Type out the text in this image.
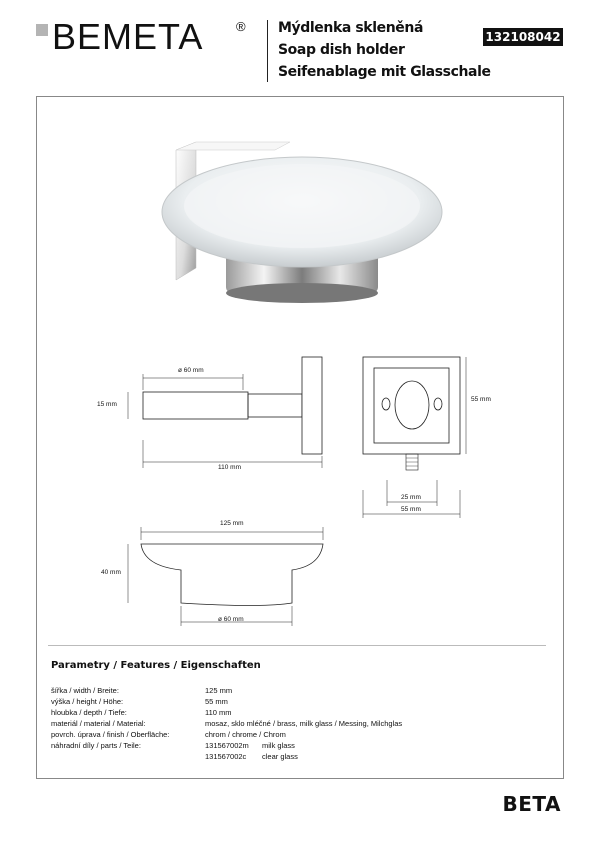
BEMETA	® Mýdlenka skleněná
Soap dish holder
Seifenablage mit Glasschale
132108042
ø 60 mm
15 mm
110 mm
55 mm
25 mm
55 mm
125 mm
40 mm
ø 60 mm
Parametry / Features / Eigenschaften
šířka / width / Breite:	125 mm
výška / height / Höhe:	55 mm
hloubka / depth / Tiefe:	110 mm
materiál / material / Material:	mosaz, sklo mléčné / brass, milk glass / Messing, Milchglas
povrch. úprava / finish / Oberfläche:	chrom / chrome / Chrom
náhradní díly / parts / Teile:	131567002m milk glass
131567002c clear glass
BETA
